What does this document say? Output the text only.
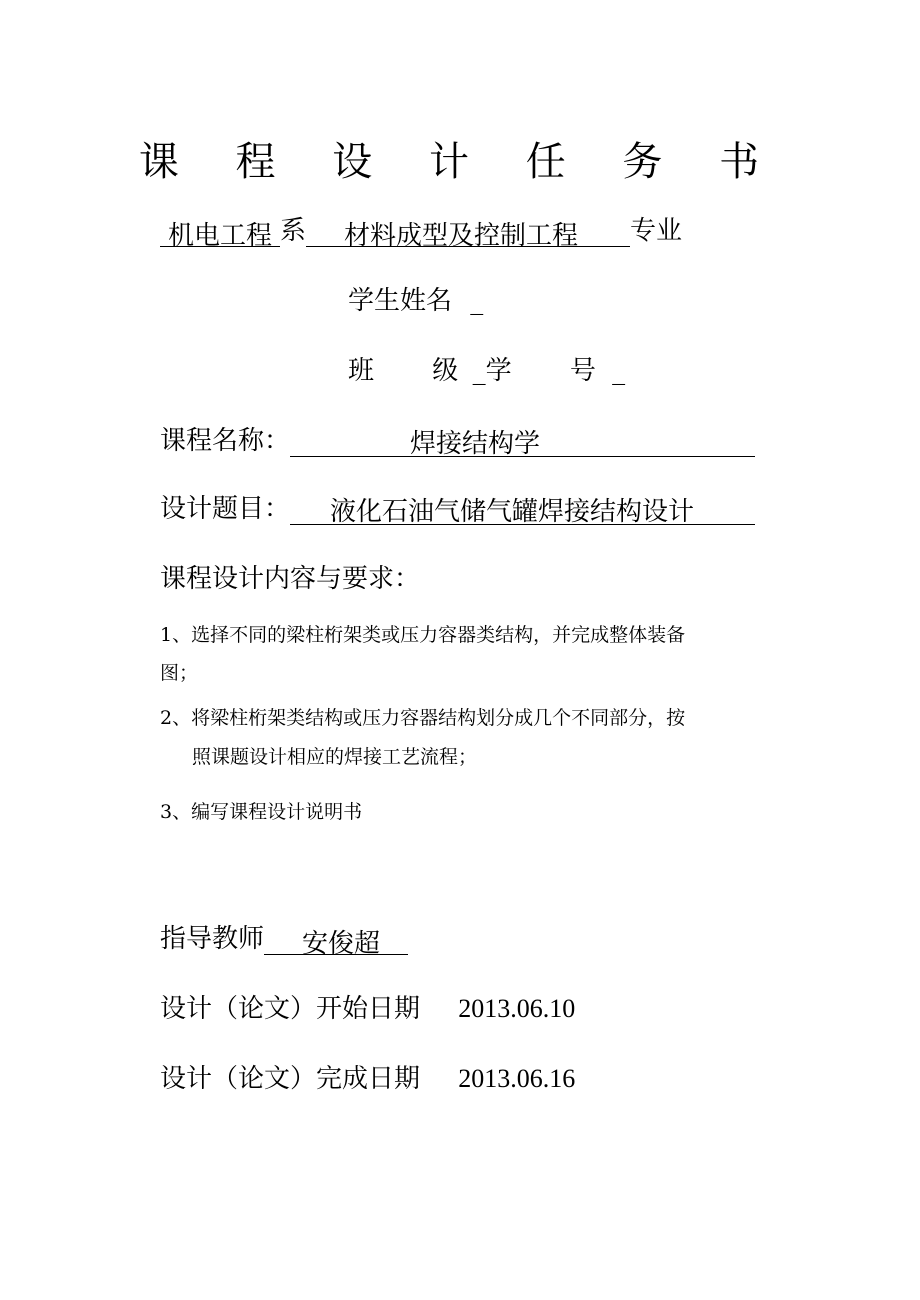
课 程 设 计 任 务 书
机电工程 系 材料成型及控制工程 专业
学生姓名 _
班 级 _学 号 _
课程名称：	焊接结构学
设计题目： 液化石油气储气罐焊接结构设计
课程设计内容与要求：
1、选择不同的梁柱桁架类或压力容器类结构，并完成整体装备
图；
2、将梁柱桁架类结构或压力容器结构划分成几个不同部分，按
照课题设计相应的焊接工艺流程；
3、编写课程设计说明书
指导教师 安俊超
设计（论文）开始日期 2013.06.10
设计（论文）完成日期 2013.06.16
